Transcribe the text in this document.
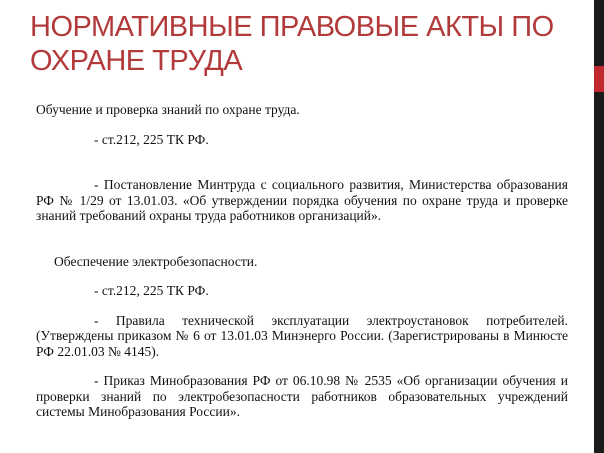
НОРМАТИВНЫЕ ПРАВОВЫЕ АКТЫ ПО
ОХРАНЕ ТРУДА

Обучение и проверка знаний по охране труда.

- ст.212, 225 ТК РФ.

- Постановление Минтруда с социального развития, Министерства образования РФ № 1/29 от 13.01.03. «Об утверждении порядка обучения по охране труда и проверке знаний требований охраны труда работников организаций».

Обеспечение электробезопасности.

- ст.212, 225 ТК РФ.

- Правила технической эксплуатации электроустановок потребителей. (Утверждены приказом № 6 от 13.01.03 Минэнерго России. (Зарегистрированы в Минюсте РФ 22.01.03 № 4145).

- Приказ Минобразования РФ от 06.10.98 № 2535 «Об организации обучения и проверки знаний по электробезопасности работников образовательных учреждений системы Минобразования России».
